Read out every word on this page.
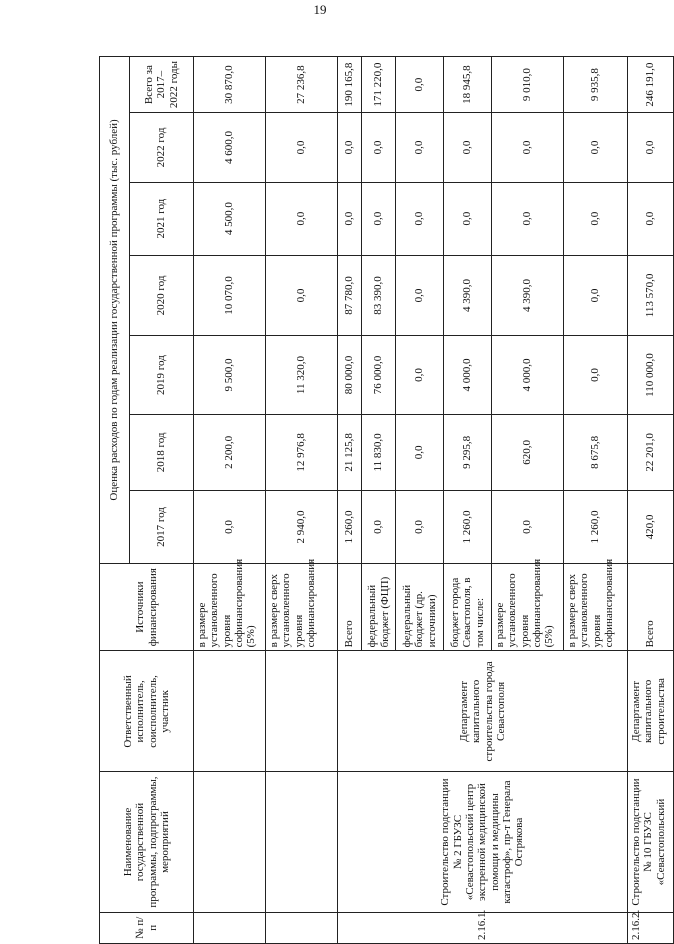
19
№ п/п	Наименование государственной программы, подпрограммы, мероприятий	Ответственный исполнитель, соисполнитель, участник	Источники финансирования	Оценка расходов по годам реализации государственной программы (тыс. рублей)						
				2017 год	2018 год	2019 год	2020 год	2021 год	2022 год	Всего за 2017–2022 годы
			в размере установленного уровня софинансирования (5%)	0,0	2 200,0	9 500,0	10 070,0	4 500,0	4 600,0	30 870,0
			в размере сверх установленного уровня софинансирования	2 940,0	12 976,8	11 320,0	0,0	0,0	0,0	27 236,8
2.16.1.	Строительство подстанции № 2 ГБУЗС «Севастопольский центр экстренной медицинской помощи и медицины катастроф», пр-т Генерала Острякова	Департамент капитального строительства города Севастополя	Всего	1 260,0	21 125,8	80 000,0	87 780,0	0,0	0,0	190 165,8
			федеральный бюджет (ФЦП)	0,0	11 830,0	76 000,0	83 390,0	0,0	0,0	171 220,0
			федеральный бюджет (др. источники)	0,0	0,0	0,0	0,0	0,0	0,0	0,0
			бюджет города Севастополя, в том числе:	1 260,0	9 295,8	4 000,0	4 390,0	0,0	0,0	18 945,8
			в размере установленного уровня софинансирования (5%)	0,0	620,0	4 000,0	4 390,0	0,0	0,0	9 010,0
			в размере сверх установленного уровня софинансирования	1 260,0	8 675,8	0,0	0,0	0,0	0,0	9 935,8
2.16.2.	Строительство подстанции № 10 ГБУЗС «Севастопольский	Департамент капитального строительства	Всего	420,0	22 201,0	110 000,0	113 570,0	0,0	0,0	246 191,0
